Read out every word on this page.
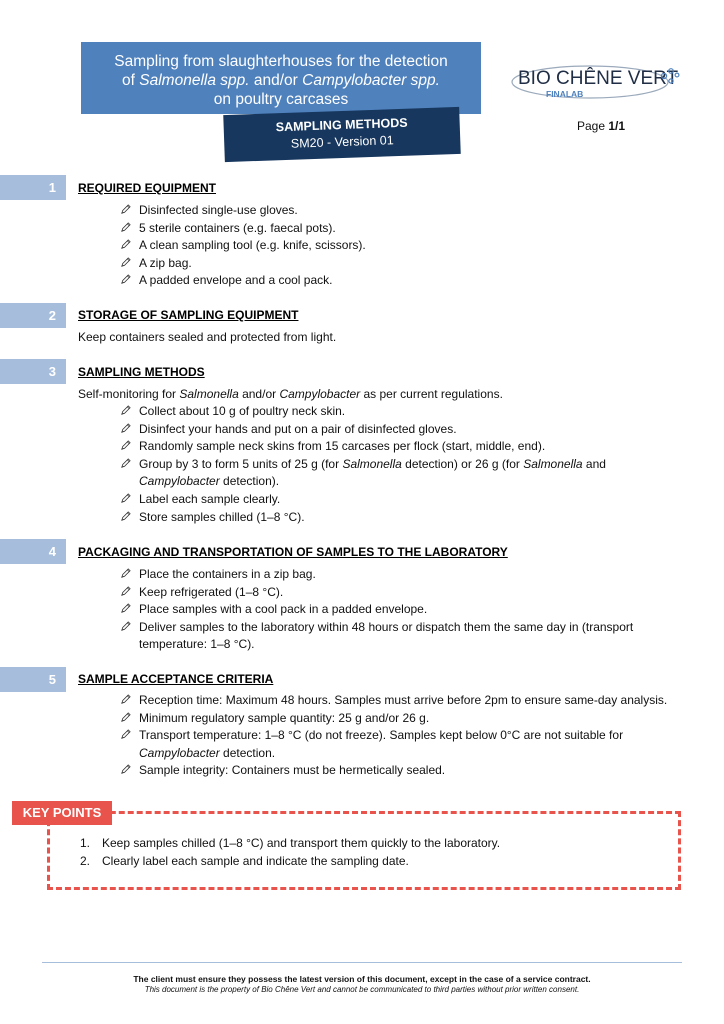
Sampling from slaughterhouses for the detection
of Salmonella spp. and/or Campylobacter spp.
on poultry carcases
SAMPLING METHODS
SM20 - Version 01
BIO CHÊNE VERT
FINALAB
Page 1/1
1	REQUIRED EQUIPMENT
Disinfected single-use gloves.
5 sterile containers (e.g. faecal pots).
A clean sampling tool (e.g. knife, scissors).
A zip bag.
A padded envelope and a cool pack.
2	STORAGE OF SAMPLING EQUIPMENT
Keep containers sealed and protected from light.
3	SAMPLING METHODS
Self-monitoring for Salmonella and/or Campylobacter as per current regulations.
Collect about 10 g of poultry neck skin.
Disinfect your hands and put on a pair of disinfected gloves.
Randomly sample neck skins from 15 carcases per flock (start, middle, end).
Group by 3 to form 5 units of 25 g (for Salmonella detection) or 26 g (for Salmonella and Campylobacter detection).
Label each sample clearly.
Store samples chilled (1–8 °C).
4	PACKAGING AND TRANSPORTATION OF SAMPLES TO THE LABORATORY
Place the containers in a zip bag.
Keep refrigerated (1–8 °C).
Place samples with a cool pack in a padded envelope.
Deliver samples to the laboratory within 48 hours or dispatch them the same day in (transport temperature: 1–8 °C).
5	SAMPLE ACCEPTANCE CRITERIA
Reception time: Maximum 48 hours. Samples must arrive before 2pm to ensure same-day analysis.
Minimum regulatory sample quantity: 25 g and/or 26 g.
Transport temperature: 1–8 °C (do not freeze). Samples kept below 0°C are not suitable for Campylobacter detection.
Sample integrity: Containers must be hermetically sealed.
KEY POINTS
1. Keep samples chilled (1–8 °C) and transport them quickly to the laboratory.
2. Clearly label each sample and indicate the sampling date.
The client must ensure they possess the latest version of this document, except in the case of a service contract.
This document is the property of Bio Chêne Vert and cannot be communicated to third parties without prior written consent.
